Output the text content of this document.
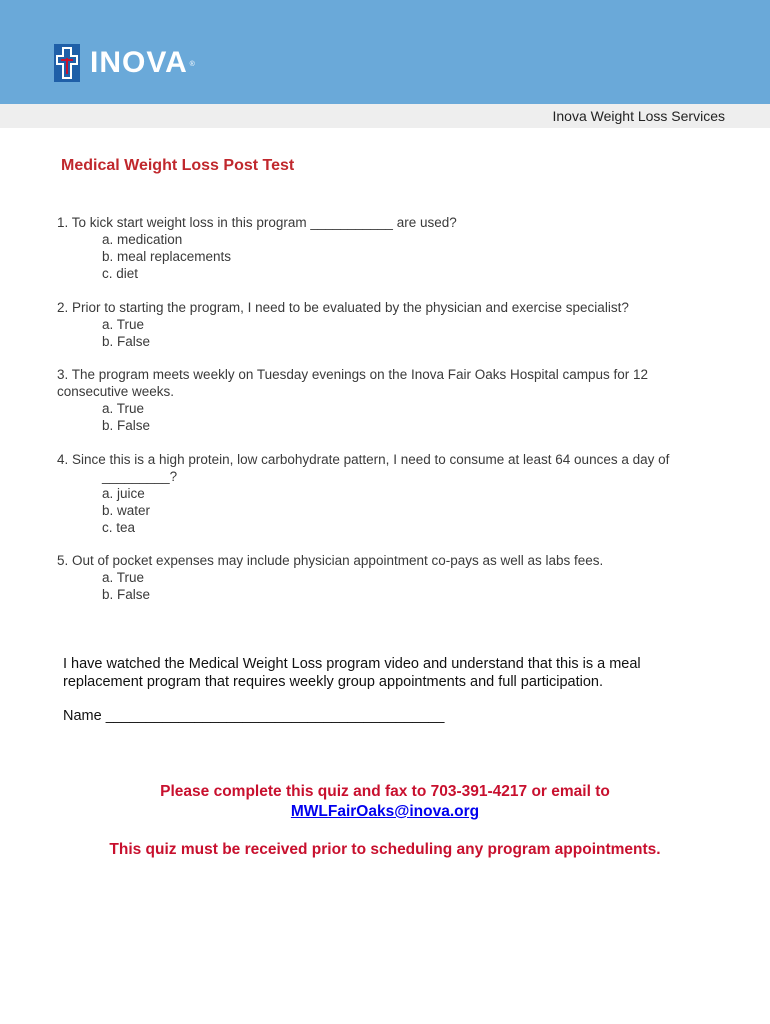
INOVA ®
Inova Weight Loss Services
Medical Weight Loss Post Test
1. To kick start weight loss in this program ___________ are used?
a. medication
b. meal replacements
c. diet
2. Prior to starting the program, I need to be evaluated by the physician and exercise specialist?
a. True
b. False
3. The program meets weekly on Tuesday evenings on the Inova Fair Oaks Hospital campus for 12
consecutive weeks.
a. True
b. False
4. Since this is a high protein, low carbohydrate pattern, I need to consume at least 64 ounces a day of
_________?
a. juice
b. water
c. tea
5. Out of pocket expenses may include physician appointment co-pays as well as labs fees.
a. True
b. False
I have watched the Medical Weight Loss program video and understand that this is a meal replacement program that requires weekly group appointments and full participation.
Name __________________________________________
Please complete this quiz and fax to 703-391-4217 or email to
MWLFairOaks@inova.org
This quiz must be received prior to scheduling any program appointments.
